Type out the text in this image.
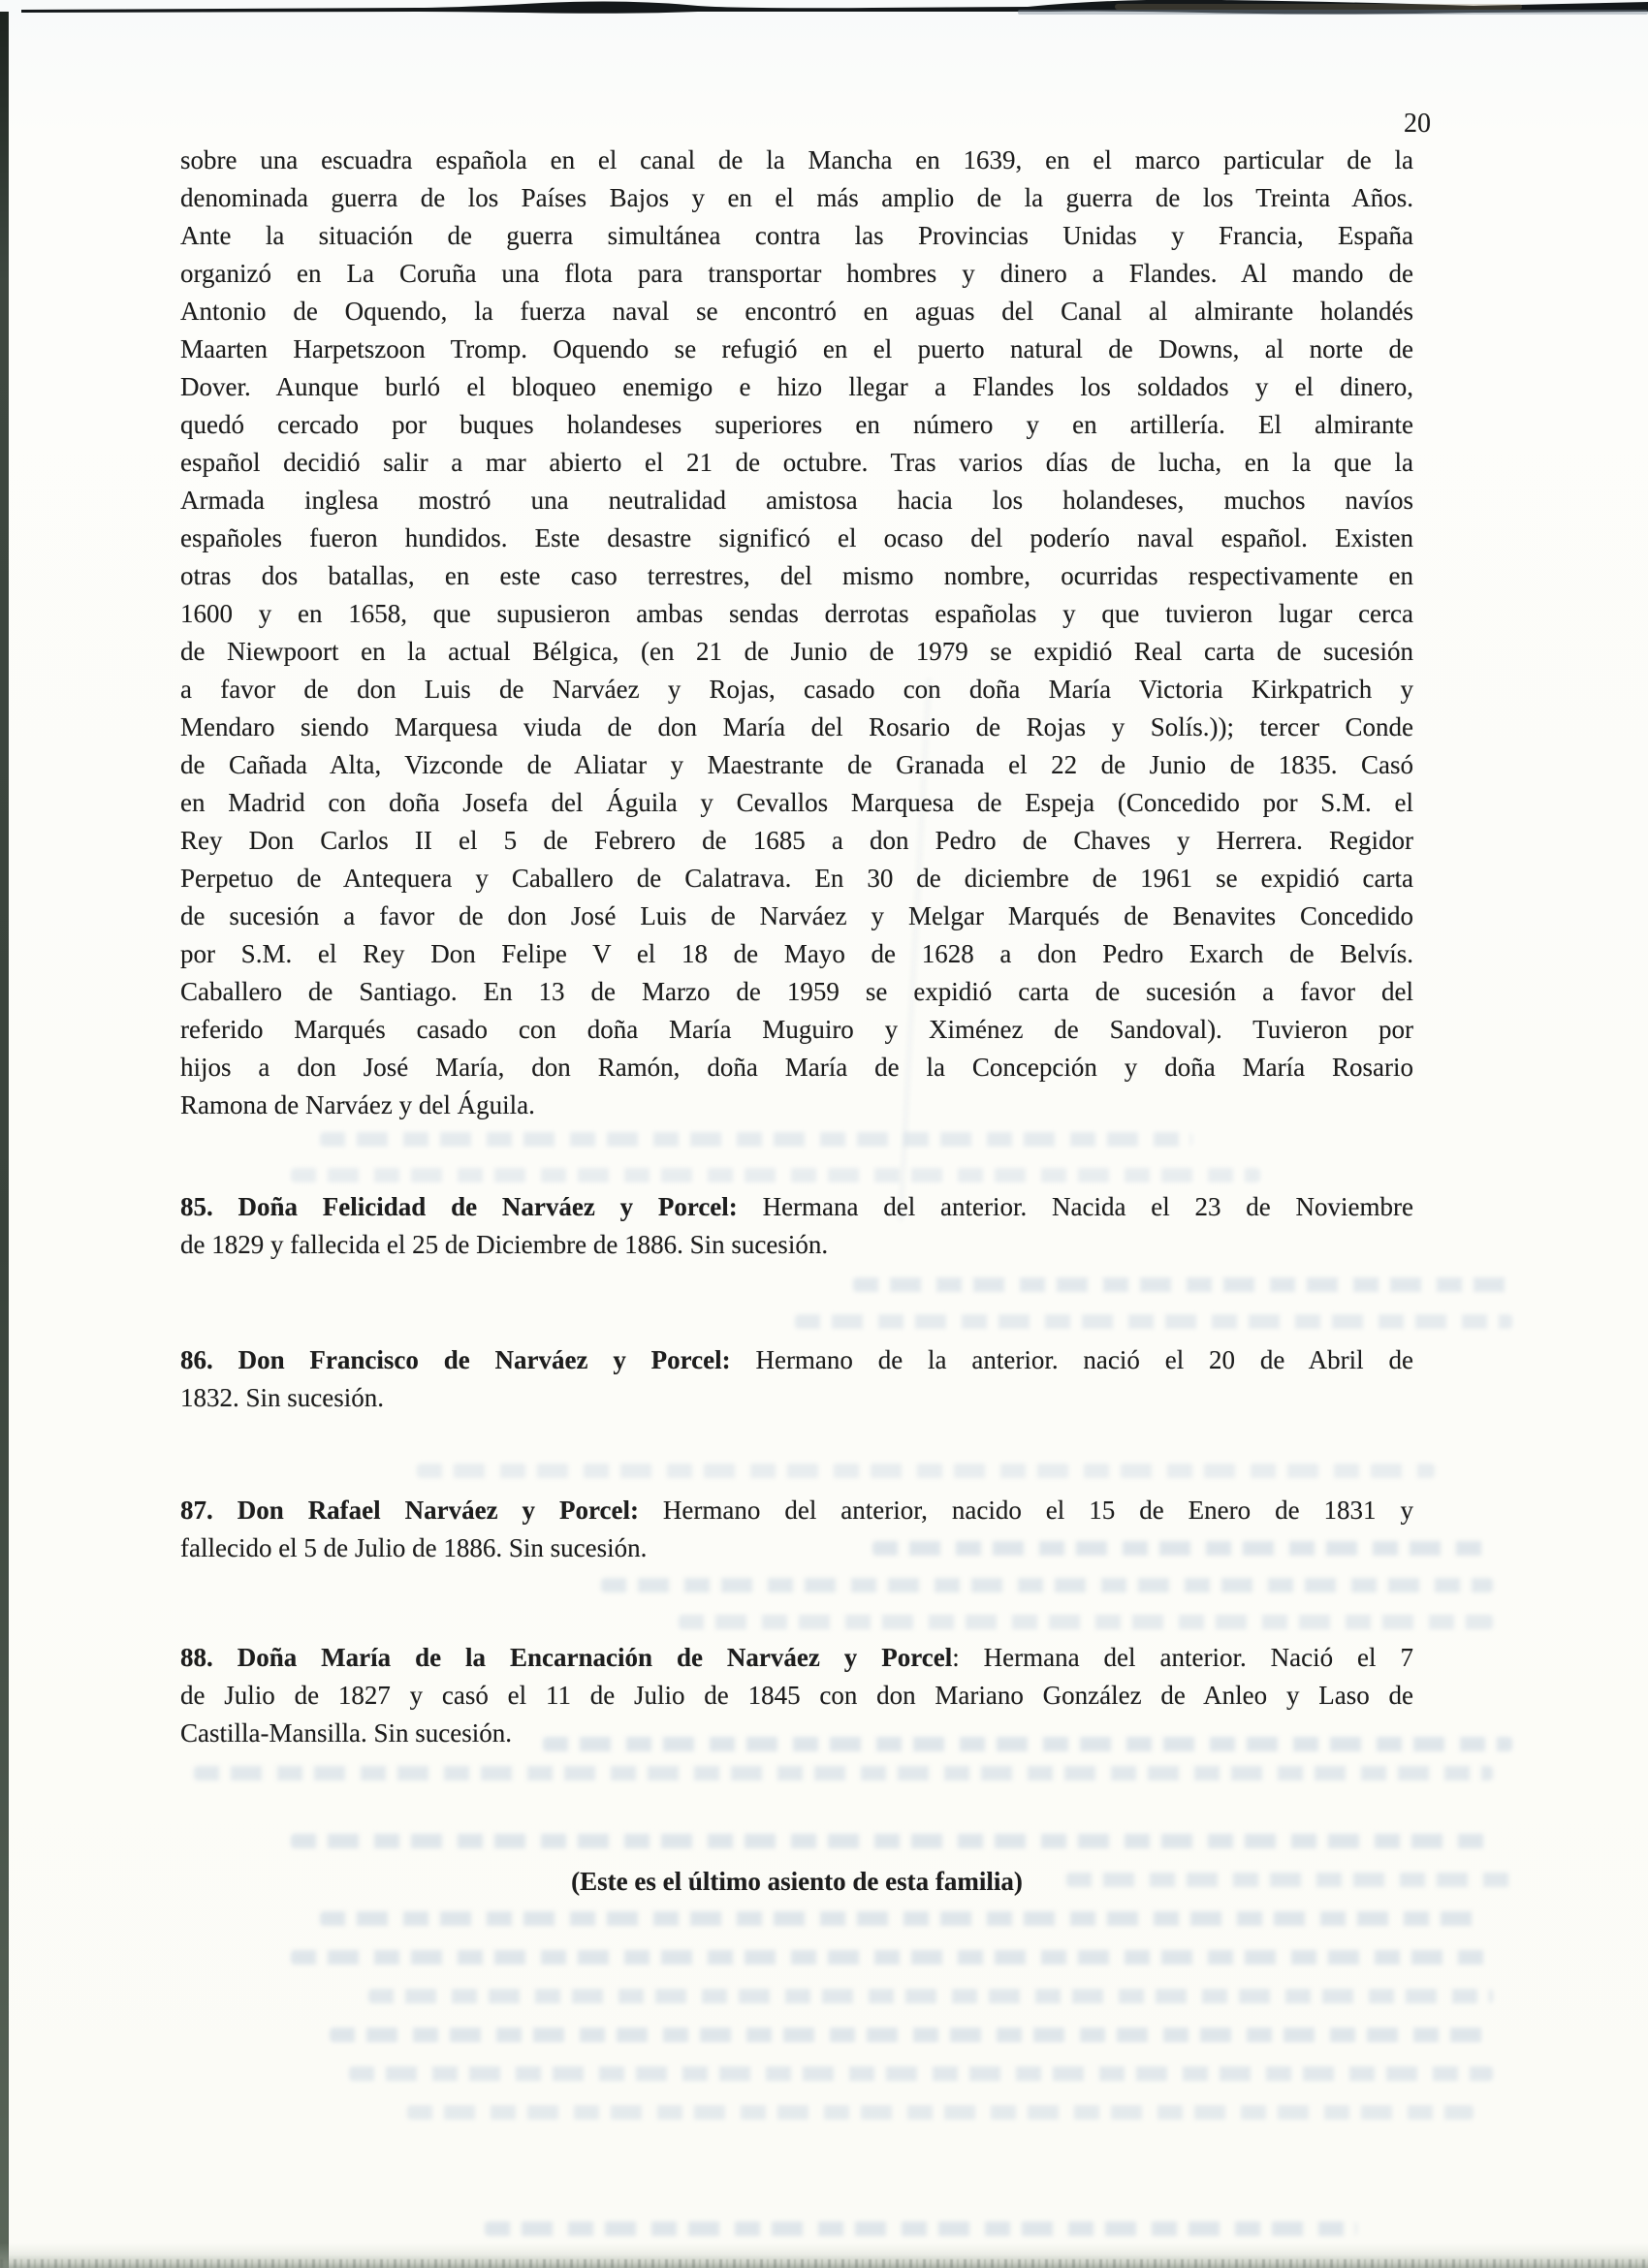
20
sobre una escuadra española en el canal de la Mancha en 1639, en el marco particular de la
denominada guerra de los Países Bajos y en el más amplio de la guerra de los Treinta Años.
Ante la situación de guerra simultánea contra las Provincias Unidas y Francia, España
organizó en La Coruña una flota para transportar hombres y dinero a Flandes. Al mando de
Antonio de Oquendo, la fuerza naval se encontró en aguas del Canal al almirante holandés
Maarten Harpetszoon Tromp. Oquendo se refugió en el puerto natural de Downs, al norte de
Dover. Aunque burló el bloqueo enemigo e hizo llegar a Flandes los soldados y el dinero,
quedó cercado por buques holandeses superiores en número y en artillería. El almirante
español decidió salir a mar abierto el 21 de octubre. Tras varios días de lucha, en la que la
Armada inglesa mostró una neutralidad amistosa hacia los holandeses, muchos navíos
españoles fueron hundidos. Este desastre significó el ocaso del poderío naval español. Existen
otras dos batallas, en este caso terrestres, del mismo nombre, ocurridas respectivamente en
1600 y en 1658, que supusieron ambas sendas derrotas españolas y que tuvieron lugar cerca
de Niewpoort en la actual Bélgica, (en 21 de Junio de 1979 se expidió Real carta de sucesión
a favor de don Luis de Narváez y Rojas, casado con doña María Victoria Kirkpatrich y
Mendaro siendo Marquesa viuda de don María del Rosario de Rojas y Solís.)); tercer Conde
de Cañada Alta, Vizconde de Aliatar y Maestrante de Granada el 22 de Junio de 1835. Casó
en Madrid con doña Josefa del Águila y Cevallos Marquesa de Espeja (Concedido por S.M. el
Rey Don Carlos II el 5 de Febrero de 1685 a don Pedro de Chaves y Herrera. Regidor
Perpetuo de Antequera y Caballero de Calatrava. En 30 de diciembre de 1961 se expidió carta
de sucesión a favor de don José Luis de Narváez y Melgar Marqués de Benavites Concedido
por S.M. el Rey Don Felipe V el 18 de Mayo de 1628 a don Pedro Exarch de Belvís.
Caballero de Santiago. En 13 de Marzo de 1959 se expidió carta de sucesión a favor del
referido Marqués casado con doña María Muguiro y Ximénez de Sandoval). Tuvieron por
hijos a don José María, don Ramón, doña María de la Concepción y doña María Rosario
Ramona de Narváez y del Águila.
85. Doña Felicidad de Narváez y Porcel: Hermana del anterior. Nacida el 23 de Noviembre
de 1829 y fallecida el 25 de Diciembre de 1886. Sin sucesión.
86. Don Francisco de Narváez y Porcel: Hermano de la anterior. nació el 20 de Abril de
1832. Sin sucesión.
87. Don Rafael Narváez y Porcel: Hermano del anterior, nacido el 15 de Enero de 1831 y
fallecido el 5 de Julio de 1886. Sin sucesión.
88. Doña María de la Encarnación de Narváez y Porcel: Hermana del anterior. Nació el 7
de Julio de 1827 y casó el 11 de Julio de 1845 con don Mariano González de Anleo y Laso de
Castilla-Mansilla. Sin sucesión.
(Este es el último asiento de esta familia)
